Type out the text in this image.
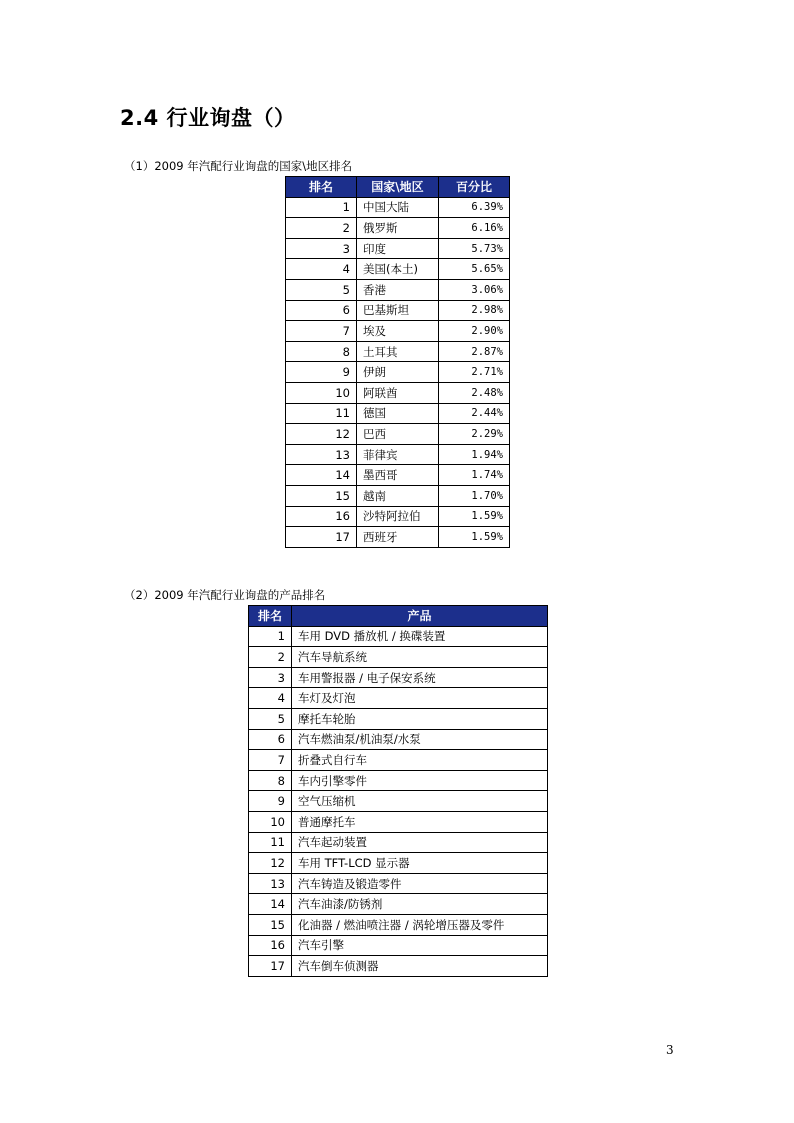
2.4 行业询盘（）
（1）2009 年汽配行业询盘的国家\地区排名
排名	国家\地区	百分比
1	中国大陆	6.39%
2	俄罗斯	6.16%
3	印度	5.73%
4	美国(本土)	5.65%
5	香港	3.06%
6	巴基斯坦	2.98%
7	埃及	2.90%
8	土耳其	2.87%
9	伊朗	2.71%
10	阿联酋	2.48%
11	德国	2.44%
12	巴西	2.29%
13	菲律宾	1.94%
14	墨西哥	1.74%
15	越南	1.70%
16	沙特阿拉伯	1.59%
17	西班牙	1.59%
（2）2009 年汽配行业询盘的产品排名
排名	产品
1	车用 DVD 播放机 / 换碟装置
2	汽车导航系统
3	车用警报器 / 电子保安系统
4	车灯及灯泡
5	摩托车轮胎
6	汽车燃油泵/机油泵/水泵
7	折叠式自行车
8	车内引擎零件
9	空气压缩机
10	普通摩托车
11	汽车起动装置
12	车用 TFT-LCD 显示器
13	汽车铸造及锻造零件
14	汽车油漆/防锈剂
15	化油器 / 燃油喷注器 / 涡轮增压器及零件
16	汽车引擎
17	汽车倒车侦测器
3
